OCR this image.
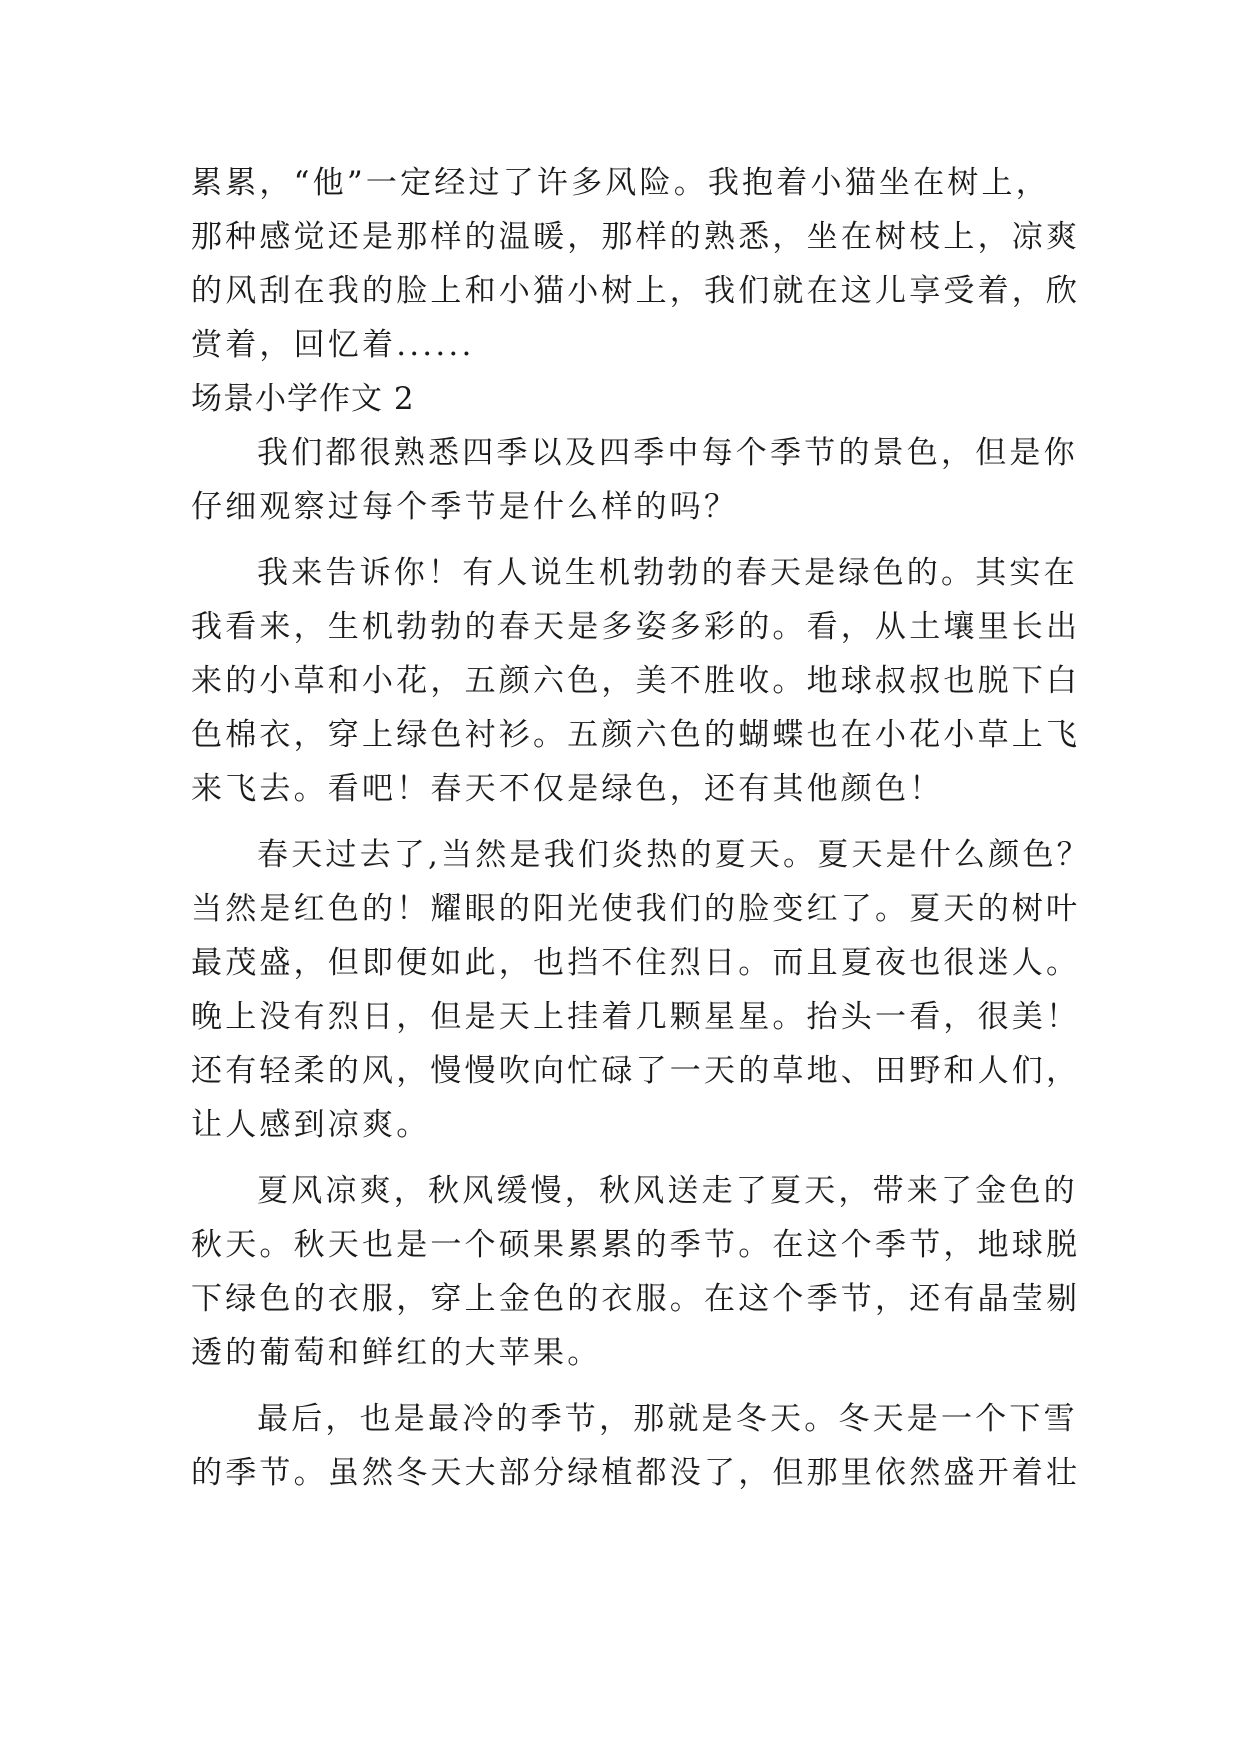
累累，“他”一定经过了许多风险。我抱着小猫坐在树上，
那种感觉还是那样的温暖，那样的熟悉，坐在树枝上，凉爽
的风刮在我的脸上和小猫小树上，我们就在这儿享受着，欣
赏着，回忆着......
场景小学作文 2
我们都很熟悉四季以及四季中每个季节的景色，但是你
仔细观察过每个季节是什么样的吗？
我来告诉你！有人说生机勃勃的春天是绿色的。其实在
我看来，生机勃勃的春天是多姿多彩的。看，从土壤里长出
来的小草和小花，五颜六色，美不胜收。地球叔叔也脱下白
色棉衣，穿上绿色衬衫。五颜六色的蝴蝶也在小花小草上飞
来飞去。看吧！春天不仅是绿色，还有其他颜色！
春天过去了,当然是我们炎热的夏天。夏天是什么颜色？
当然是红色的！耀眼的阳光使我们的脸变红了。夏天的树叶
最茂盛，但即便如此，也挡不住烈日。而且夏夜也很迷人。
晚上没有烈日，但是天上挂着几颗星星。抬头一看，很美！
还有轻柔的风，慢慢吹向忙碌了一天的草地、田野和人们，
让人感到凉爽。
夏风凉爽，秋风缓慢，秋风送走了夏天，带来了金色的
秋天。秋天也是一个硕果累累的季节。在这个季节，地球脱
下绿色的衣服，穿上金色的衣服。在这个季节，还有晶莹剔
透的葡萄和鲜红的大苹果。
最后，也是最冷的季节，那就是冬天。冬天是一个下雪
的季节。虽然冬天大部分绿植都没了，但那里依然盛开着壮
